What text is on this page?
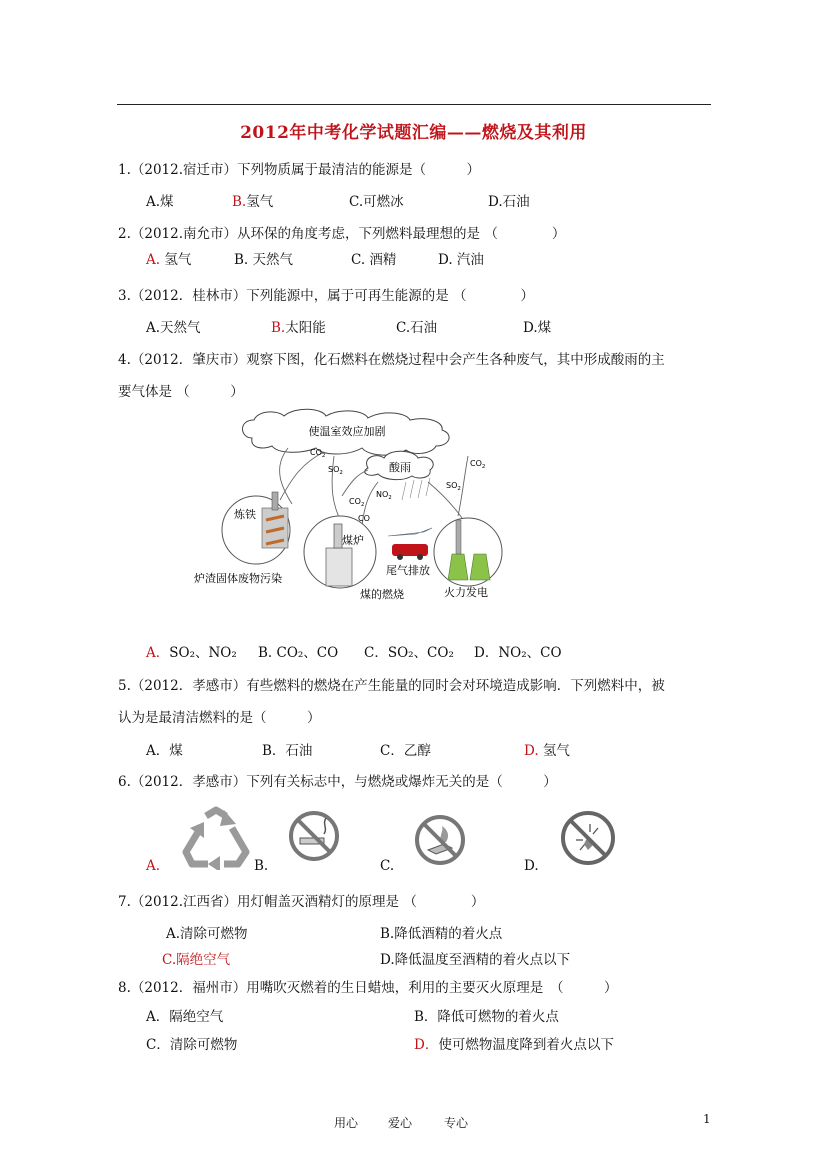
2012年中考化学试题汇编——燃烧及其利用
1.（2012.宿迁市）下列物质属于最清洁的能源是（　　　）
A.煤	B.氢气	C.可燃冰	D.石油
2.（2012.南允市）从环保的角度考虑，下列燃料最理想的是 （　　　　）
A. 氢气	B. 天然气	C. 酒精	D. 汽油
3.（2012．桂林市）下列能源中，属于可再生能源的是 （　　　　）
A.天然气	B.太阳能	C.石油	D.煤
4.（2012．肇庆市）观察下图，化石燃料在燃烧过程中会产生各种废气，其中形成酸雨的主
要气体是 （　　　）
使温室效应加剧
酸雨
$CO_2$
$SO_2$
$CO_2$
$NO_2$
CO
$SO_2$
$CO_2$
炼铁
炉渣固体废物污染
煤炉
煤的燃烧
尾气排放
火力发电
A．SO₂、NO₂ B. CO₂、CO C．SO₂、CO₂ D．NO₂、CO
5.（2012．孝感市）有些燃料的燃烧在产生能量的同时会对环境造成影响．下列燃料中，被
认为是最清洁燃料的是（　　　）
A．煤	B．石油	C．乙醇	D. 氢气
6.（2012．孝感市）下列有关标志中，与燃烧或爆炸无关的是（　　　）
A.	B.	C.	D.
7.（2012.江西省）用灯帽盖灭酒精灯的原理是 （　　　　）
A.清除可燃物	B.降低酒精的着火点
C.隔绝空气	D.降低温度至酒精的着火点以下
8.（2012．福州市）用嘴吹灭燃着的生日蜡烛，利用的主要灭火原理是　（　　　）
A．隔绝空气	B．降低可燃物的着火点
C．清除可燃物	D．使可燃物温度降到着火点以下
用心 爱心	专心	1
